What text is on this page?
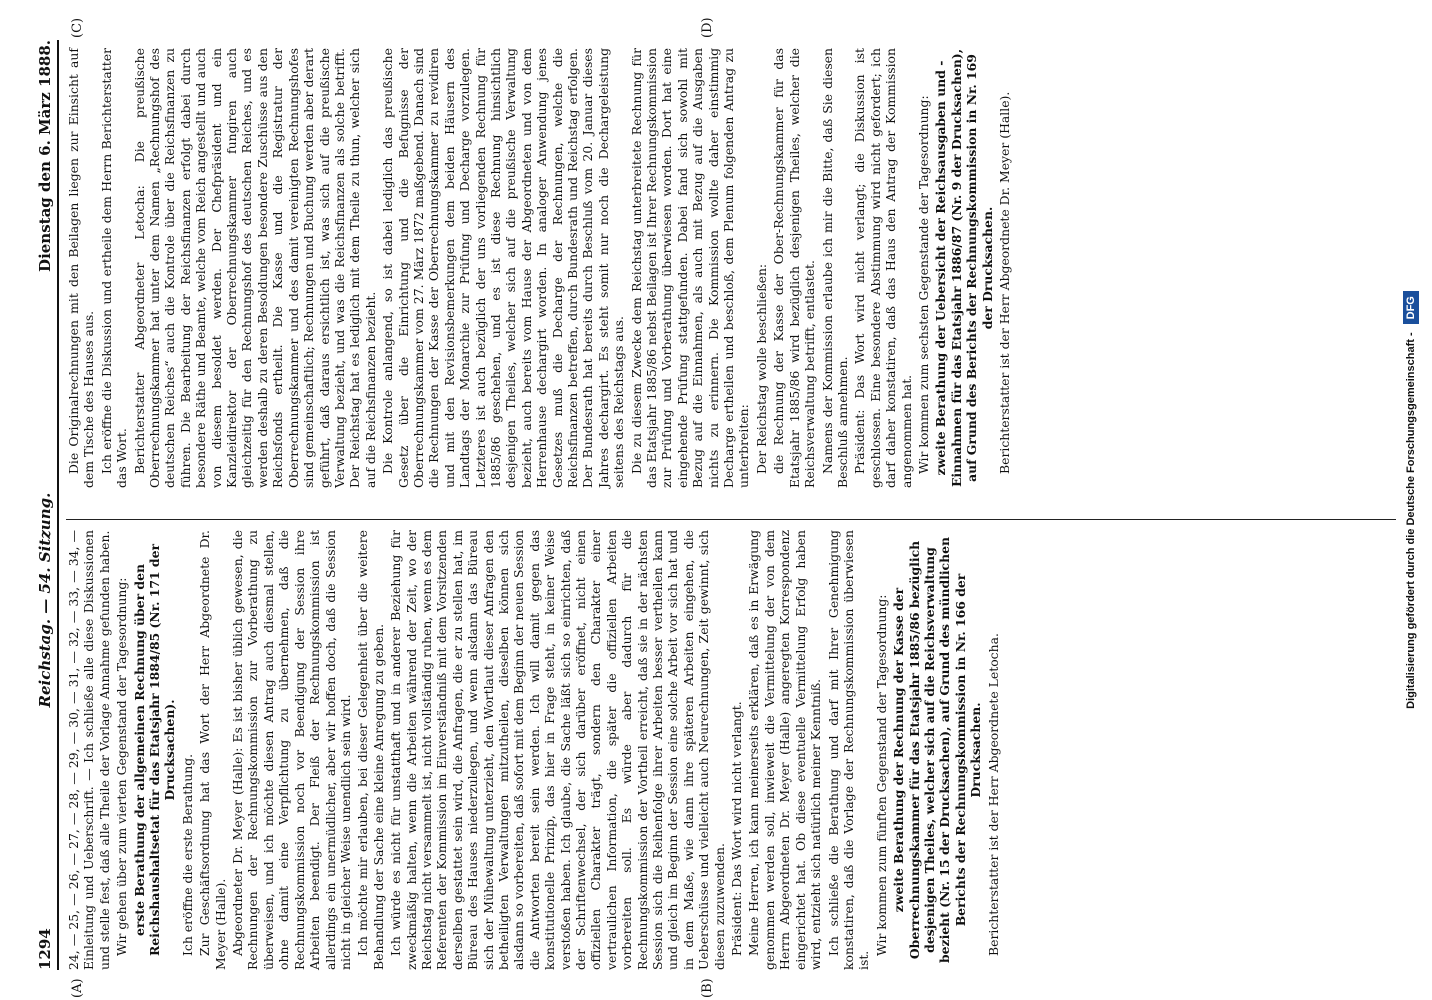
1294
Reichstag. — 54. Sitzung.
Dienstag den 6. März 1888.
(A)	(B)
(C)	(D)

24, — 25, — 26, — 27, — 28, — 29, — 30, — 31, — 32, — 33, — 34, — Einleitung und Ueberschrift. — Ich schließe alle diese Diskussionen und stelle fest, daß alle Theile der Vorlage Annahme gefunden haben. Wir gehen über zum vierten Gegenstand der Tagesordnung: erste Berathung der allgemeinen Rechnung über den Reichshaushaltsetat für das Etatsjahr 1884/85 (Nr. 171 der Drucksachen).

Ich eröffne die erste Berathung. Zur Geschäftsordnung hat das Wort der Herr Abgeordnete Dr. Meyer (Halle). Abgeordneter Dr. Meyer (Halle): Es ist bisher üblich gewesen, die Rechnungen der Rechnungskommission zur Vorberathung zu überweisen, und ich möchte diesen Antrag auch diesmal stellen, ohne damit eine Verpflichtung zu übernehmen, daß die Rechnungskommission noch vor Beendigung der Session ihre Arbeiten beendigt. Der Fleiß der Rechnungskommission ist allerdings ein unermüdlicher, aber wir hoffen doch, daß die Session nicht in gleicher Weise unendlich sein wird. Ich möchte mir erlauben, bei dieser Gelegenheit über die weitere Behandlung der Sache eine kleine Anregung zu geben. Ich würde es nicht für unstatthaft und in anderer Beziehung für zweckmäßig halten, wenn die Arbeiten während der Zeit, wo der Reichstag nicht versammelt ist, nicht vollständig ruhen, wenn es dem Referenten der Kommission im Einverständniß mit dem Vorsitzenden derselben gestattet sein wird, die Anfragen, die er zu stellen hat, im Büreau des Hauses niederzulegen, und wenn alsdann das Büreau sich der Mühewaltung unterzieht, den Wortlaut dieser Anfragen den betheiligten Verwaltungen mitzutheilen, dieselben können sich alsdann so vorbereiten, daß sofort mit dem Beginn der neuen Session die Antworten bereit sein werden. Ich will damit gegen das konstitutionelle Prinzip, das hier in Frage steht, in keiner Weise verstoßen haben. Ich glaube, die Sache läßt sich so einrichten, daß der Schriftenwechsel, der sich darüber eröffnet, nicht einen offiziellen Charakter trägt, sondern den Charakter einer vertraulichen Information, die später die offiziellen Arbeiten vorbereiten soll. Es würde aber dadurch für die Rechnungskommission der Vortheil erreicht, daß sie in der nächsten Session sich die Reihenfolge ihrer Arbeiten besser vertheilen kann und gleich im Beginn der Session eine solche Arbeit vor sich hat und in dem Maße, wie dann ihre späteren Arbeiten eingehen, die Ueberschüsse und vielleicht auch Neurechnungen, Zeit gewinnt, sich diesen zuzuwenden. Präsident: Das Wort wird nicht verlangt. Meine Herren, ich kann meinerseits erklären, daß es in Erwägung genommen werden soll, inwieweit die Vermittelung der von dem Herrn Abgeordneten Dr. Meyer (Halle) angeregten Korrespondenz eingerichtet hat. Ob diese eventuelle Vermittelung Erfolg haben wird, entzieht sich natürlich meiner Kenntniß. Ich schließe die Berathung und darf mit Ihrer Genehmigung konstatiren, daß die Vorlage der Rechnungskommission überwiesen ist.

Wir kommen zum fünften Gegenstand der Tagesordnung: zweite Berathung der Rechnung der Kasse der Oberrechnungskammer für das Etatsjahr 1885/86 bezüglich desjenigen Theiles, welcher sich auf die Reichsverwaltung bezieht (Nr. 15 der Drucksachen), auf Grund des mündlichen Berichts der Rechnungskommission in Nr. 166 der Drucksachen. Berichterstatter ist der Herr Abgeordnete Letocha.

Die Originalrechnungen mit den Beilagen liegen zur Einsicht auf dem Tische des Hauses aus. Ich eröffne die Diskussion und ertheile dem Herrn Berichterstatter das Wort. Berichterstatter Abgeordneter Letocha: Die preußische Oberrechnungskammer hat unter dem Namen „Rechnungshof des deutschen Reiches“ auch die Kontrole über die Reichsfinanzen zu führen. Die Bearbeitung der Reichsfinanzen erfolgt dabei durch besondere Räthe und Beamte, welche vom Reich angestellt und auch von diesem besoldet werden. Der Chefpräsident und ein Kanzleidirektor der Oberrechnungskammer fungiren auch gleichzeitig für den Rechnungshof des deutschen Reiches, und es werden deshalb zu deren Besoldungen besondere Zuschüsse aus den Reichsfonds ertheilt. Die Kasse und die Registratur der Oberrechnungskammer und des damit vereinigten Rechnungshofes sind gemeinschaftlich; Rechnungen und Buchung werden aber derart geführt, daß daraus ersichtlich ist, was sich auf die preußische Verwaltung bezieht, und was die Reichsfinanzen als solche betrifft. Der Reichstag hat es lediglich mit dem Theile zu thun, welcher sich auf die Reichsfinanzen bezieht. Die Kontrole anlangend, so ist dabei lediglich das preußische Gesetz über die Einrichtung und die Befugnisse der Oberrechnungskammer vom 27. März 1872 maßgebend. Danach sind die Rechnungen der Kasse der Oberrechnungskammer zu revidiren und mit den Revisionsbemerkungen dem beiden Häusern des Landtags der Monarchie zur Prüfung und Decharge vorzulegen. Letzteres ist auch bezüglich der uns vorliegenden Rechnung für 1885/86 geschehen, und es ist diese Rechnung hinsichtlich desjenigen Theiles, welcher sich auf die preußische Verwaltung bezieht, auch bereits vom Hause der Abgeordneten und von dem Herrenhause dechargirt worden. In analoger Anwendung jenes Gesetzes muß die Decharge der Rechnungen, welche die Reichsfinanzen betreffen, durch Bundesrath und Reichstag erfolgen. Der Bundesrath hat bereits durch Beschluß vom 20. Januar dieses Jahres dechargirt. Es steht somit nur noch die Dechargeleistung seitens des Reichstags aus. Die zu diesem Zwecke dem Reichstag unterbreitete Rechnung für das Etatsjahr 1885/86 nebst Beilagen ist Ihrer Rechnungskommission zur Prüfung und Vorberathung überwiesen worden. Dort hat eine eingehende Prüfung stattgefunden. Dabei fand sich sowohl mit Bezug auf die Einnahmen, als auch mit Bezug auf die Ausgaben nichts zu erinnern. Die Kommission wollte daher einstimmig Decharge ertheilen und beschloß, dem Plenum folgenden Antrag zu unterbreiten: Der Reichstag wolle beschließen: die Rechnung der Kasse der Ober-Rechnungskammer für das Etatsjahr 1885/86 wird bezüglich desjenigen Theiles, welcher die Reichsverwaltung betrifft, entlastet. Namens der Kommission erlaube ich mir die Bitte, daß Sie diesen Beschluß annehmen. Präsident: Das Wort wird nicht verlangt; die Diskussion ist geschlossen. Eine besondere Abstimmung wird nicht gefordert; ich darf daher konstatiren, daß das Haus den Antrag der Kommission angenommen hat. Wir kommen zum sechsten Gegenstande der Tagesordnung: zweite Berathung der Uebersicht der Reichsausgaben und -Einnahmen für das Etatsjahr 1886/87 (Nr. 9 der Drucksachen), auf Grund des Berichts der Rechnungskommission in Nr. 169 der Drucksachen. Berichterstatter ist der Herr Abgeordnete Dr. Meyer (Halle).

Digitalisierung gefördert durch die Deutsche Forschungsgemeinschaft -
DFG
